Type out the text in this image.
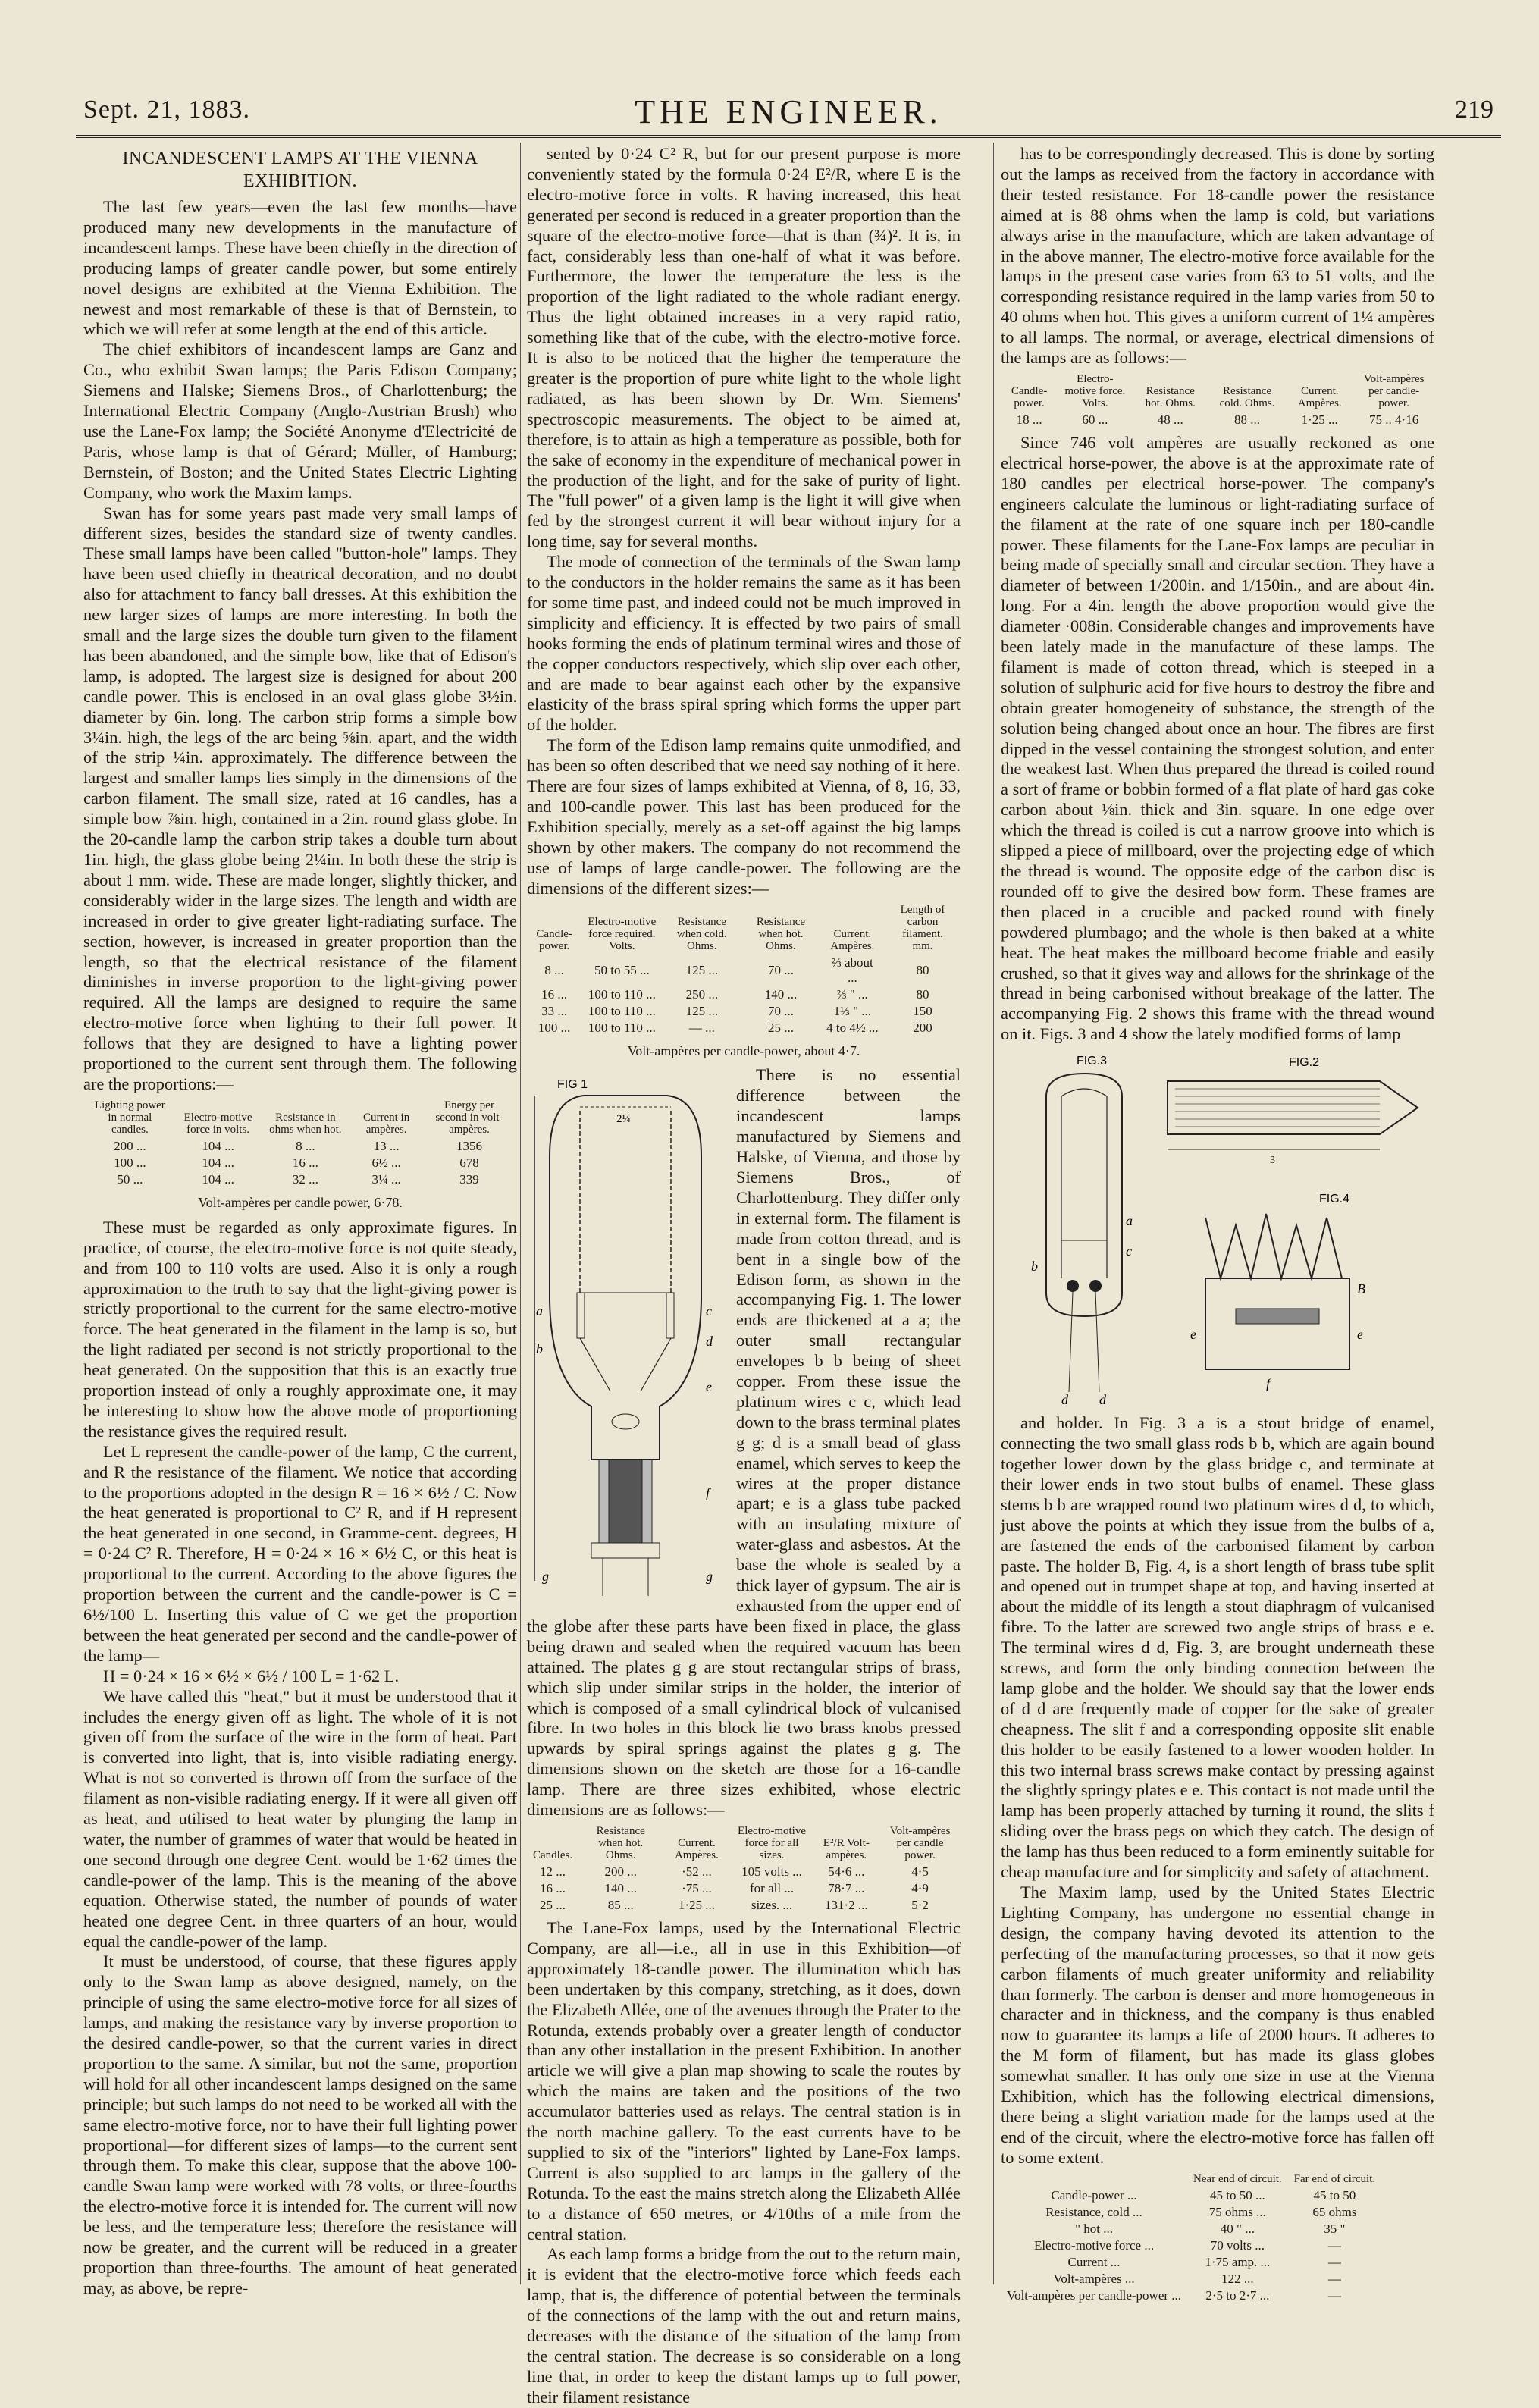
Sept. 21, 1883.	THE ENGINEER.	219
INCANDESCENT LAMPS AT THE VIENNA EXHIBITION.

The last few years—even the last few months—have produced many new developments in the manufacture of incandescent lamps. These have been chiefly in the direction of producing lamps of greater candle power, but some entirely novel designs are exhibited at the Vienna Exhibition. The newest and most remarkable of these is that of Bernstein, to which we will refer at some length at the end of this article.

The chief exhibitors of incandescent lamps are Ganz and Co., who exhibit Swan lamps; the Paris Edison Company; Siemens and Halske; Siemens Bros., of Charlottenburg; the International Electric Company (Anglo-Austrian Brush) who use the Lane-Fox lamp; the Société Anonyme d'Electricité de Paris, whose lamp is that of Gérard; Müller, of Hamburg; Bernstein, of Boston; and the United States Electric Lighting Company, who work the Maxim lamps.

Swan has for some years past made very small lamps of different sizes, besides the standard size of twenty candles. These small lamps have been called "button-hole" lamps. They have been used chiefly in theatrical decoration, and no doubt also for attachment to fancy ball dresses. At this exhibition the new larger sizes of lamps are more interesting. In both the small and the large sizes the double turn given to the filament has been abandoned, and the simple bow, like that of Edison's lamp, is adopted. The largest size is designed for about 200 candle power. This is enclosed in an oval glass globe 3½in. diameter by 6in. long. The carbon strip forms a simple bow 3¼in. high, the legs of the arc being ⅝in. apart, and the width of the strip ¼in. approximately. The difference between the largest and smaller lamps lies simply in the dimensions of the carbon filament. The small size, rated at 16 candles, has a simple bow ⅞in. high, contained in a 2in. round glass globe. In the 20-candle lamp the carbon strip takes a double turn about 1in. high, the glass globe being 2¼in. In both these the strip is about 1 mm. wide. These are made longer, slightly thicker, and considerably wider in the large sizes. The length and width are increased in order to give greater light-radiating surface. The section, however, is increased in greater proportion than the length, so that the electrical resistance of the filament diminishes in inverse proportion to the light-giving power required. All the lamps are designed to require the same electro-motive force when lighting to their full power. It follows that they are designed to have a lighting power proportioned to the current sent through them. The following are the proportions:—

Lighting power in normal candles.	Electro-motive force in volts.	Resistance in ohms when hot.	Current in ampères.	Energy per second in volt-ampères.
200 ...	104 ...	8 ...	13 ...	1356
100 ...	104 ...	16 ...	6½ ...	678
50 ...	104 ...	32 ...	3¼ ...	339
Volt-ampères per candle power, 6·78.

These must be regarded as only approximate figures. In practice, of course, the electro-motive force is not quite steady, and from 100 to 110 volts are used. Also it is only a rough approximation to the truth to say that the light-giving power is strictly proportional to the current for the same electro-motive force. The heat generated in the filament in the lamp is so, but the light radiated per second is not strictly proportional to the heat generated. On the supposition that this is an exactly true proportion instead of only a roughly approximate one, it may be interesting to show how the above mode of proportioning the resistance gives the required result.

Let L represent the candle-power of the lamp, C the current, and R the resistance of the filament. We notice that according to the proportions adopted in the design R = 16 × 6½ / C. Now the heat generated is proportional to C² R, and if H represent the heat generated in one second, in Gramme-cent. degrees, H = 0·24 C² R. Therefore, H = 0·24 × 16 × 6½ C, or this heat is proportional to the current. According to the above figures the proportion between the current and the candle-power is C = 6½/100 L. Inserting this value of C we get the proportion between the heat generated per second and the candle-power of the lamp—

H = 0·24 × 16 × 6½ × 6½ / 100 L = 1·62 L.

We have called this "heat," but it must be understood that it includes the energy given off as light. The whole of it is not given off from the surface of the wire in the form of heat. Part is converted into light, that is, into visible radiating energy. What is not so converted is thrown off from the surface of the filament as non-visible radiating energy. If it were all given off as heat, and utilised to heat water by plunging the lamp in water, the number of grammes of water that would be heated in one second through one degree Cent. would be 1·62 times the candle-power of the lamp. This is the meaning of the above equation. Otherwise stated, the number of pounds of water heated one degree Cent. in three quarters of an hour, would equal the candle-power of the lamp.

It must be understood, of course, that these figures apply only to the Swan lamp as above designed, namely, on the principle of using the same electro-motive force for all sizes of lamps, and making the resistance vary by inverse proportion to the desired candle-power, so that the current varies in direct proportion to the same. A similar, but not the same, proportion will hold for all other incandescent lamps designed on the same principle; but such lamps do not need to be worked all with the same electro-motive force, nor to have their full lighting power proportional—for different sizes of lamps—to the current sent through them. To make this clear, suppose that the above 100-candle Swan lamp were worked with 78 volts, or three-fourths the electro-motive force it is intended for. The current will now be less, and the temperature less; therefore the resistance will now be greater, and the current will be reduced in a greater proportion than three-fourths. The amount of heat generated may, as above, be repre-

sented by 0·24 C² R, but for our present purpose is more conveniently stated by the formula 0·24 E²/R, where E is the electro-motive force in volts. R having increased, this heat generated per second is reduced in a greater proportion than the square of the electro-motive force—that is than (¾)². It is, in fact, considerably less than one-half of what it was before. Furthermore, the lower the temperature the less is the proportion of the light radiated to the whole radiant energy. Thus the light obtained increases in a very rapid ratio, something like that of the cube, with the electro-motive force. It is also to be noticed that the higher the temperature the greater is the proportion of pure white light to the whole light radiated, as has been shown by Dr. Wm. Siemens' spectroscopic measurements. The object to be aimed at, therefore, is to attain as high a temperature as possible, both for the sake of economy in the expenditure of mechanical power in the production of the light, and for the sake of purity of light. The "full power" of a given lamp is the light it will give when fed by the strongest current it will bear without injury for a long time, say for several months.

The mode of connection of the terminals of the Swan lamp to the conductors in the holder remains the same as it has been for some time past, and indeed could not be much improved in simplicity and efficiency. It is effected by two pairs of small hooks forming the ends of platinum terminal wires and those of the copper conductors respectively, which slip over each other, and are made to bear against each other by the expansive elasticity of the brass spiral spring which forms the upper part of the holder.

The form of the Edison lamp remains quite unmodified, and has been so often described that we need say nothing of it here. There are four sizes of lamps exhibited at Vienna, of 8, 16, 33, and 100-candle power. This last has been produced for the Exhibition specially, merely as a set-off against the big lamps shown by other makers. The company do not recommend the use of lamps of large candle-power. The following are the dimensions of the different sizes:—

Candle-power.	Electro-motive force required. Volts.	Resistance when cold. Ohms.	Resistance when hot. Ohms.	Current. Ampères.	Length of carbon filament. mm.
8 ...	50 to 55 ...	125 ...	70 ...	⅔ about ...	80
16 ...	100 to 110 ...	250 ...	140 ...	⅔ " ...	80
33 ...	100 to 110 ...	125 ...	70 ...	1⅓ " ...	150
100 ...	100 to 110 ...	— ...	25 ...	4 to 4½ ...	200
Volt-ampères per candle-power, about 4·7.
FIG 1
2¼
a
b
c
d
e
f
g	g

There is no essential difference between the incandescent lamps manufactured by Siemens and Halske, of Vienna, and those by Siemens Bros., of Charlottenburg. They differ only in external form. The filament is made from cotton thread, and is bent in a single bow of the Edison form, as shown in the accompanying Fig. 1. The lower ends are thickened at a a; the outer small rectangular envelopes b b being of sheet copper. From these issue the platinum wires c c, which lead down to the brass terminal plates g g; d is a small bead of glass enamel, which serves to keep the wires at the proper distance apart; e is a glass tube packed with an insulating mixture of water-glass and asbestos. At the base the whole is sealed by a thick layer of gypsum. The air is exhausted from the upper end of the globe after these parts have been fixed in place, the glass being drawn and sealed when the required vacuum has been attained. The plates g g are stout rectangular strips of brass, which slip under similar strips in the holder, the interior of which is composed of a small cylindrical block of vulcanised fibre. In two holes in this block lie two brass knobs pressed upwards by spiral springs against the plates g g. The dimensions shown on the sketch are those for a 16-candle lamp. There are three sizes exhibited, whose electric dimensions are as follows:—

Candles.	Resistance when hot. Ohms.	Current. Ampères.	Electro-motive force for all sizes.	E²/R Volt-ampères.	Volt-ampères per candle power.
12 ...	200 ...	·52 ...	105 volts ...	54·6 ...	4·5
16 ...	140 ...	·75 ...	for all ...	78·7 ...	4·9
25 ...	85 ...	1·25 ...	sizes. ...	131·2 ...	5·2

The Lane-Fox lamps, used by the International Electric Company, are all—i.e., all in use in this Exhibition—of approximately 18-candle power. The illumination which has been undertaken by this company, stretching, as it does, down the Elizabeth Allée, one of the avenues through the Prater to the Rotunda, extends probably over a greater length of conductor than any other installation in the present Exhibition. In another article we will give a plan map showing to scale the routes by which the mains are taken and the positions of the two accumulator batteries used as relays. The central station is in the north machine gallery. To the east currents have to be supplied to six of the "interiors" lighted by Lane-Fox lamps. Current is also supplied to arc lamps in the gallery of the Rotunda. To the east the mains stretch along the Elizabeth Allée to a distance of 650 metres, or 4/10ths of a mile from the central station.

As each lamp forms a bridge from the out to the return main, it is evident that the electro-motive force which feeds each lamp, that is, the difference of potential between the terminals of the connections of the lamp with the out and return mains, decreases with the distance of the situation of the lamp from the central station. The decrease is so considerable on a long line that, in order to keep the distant lamps up to full power, their filament resistance

has to be correspondingly decreased. This is done by sorting out the lamps as received from the factory in accordance with their tested resistance. For 18-candle power the resistance aimed at is 88 ohms when the lamp is cold, but variations always arise in the manufacture, which are taken advantage of in the above manner, The electro-motive force available for the lamps in the present case varies from 63 to 51 volts, and the corresponding resistance required in the lamp varies from 50 to 40 ohms when hot. This gives a uniform current of 1¼ ampères to all lamps. The normal, or average, electrical dimensions of the lamps are as follows:—

Candle-power.	Electro-motive force. Volts.	Resistance hot. Ohms.	Resistance cold. Ohms.	Current. Ampères.	Volt-ampères per candle-power.
18 ...	60 ...	48 ...	88 ...	1·25 ...	75 .. 4·16

Since 746 volt ampères are usually reckoned as one electrical horse-power, the above is at the approximate rate of 180 candles per electrical horse-power. The company's engineers calculate the luminous or light-radiating surface of the filament at the rate of one square inch per 180-candle power. These filaments for the Lane-Fox lamps are peculiar in being made of specially small and circular section. They have a diameter of between 1/200in. and 1/150in., and are about 4in. long. For a 4in. length the above proportion would give the diameter ·008in. Considerable changes and improvements have been lately made in the manufacture of these lamps. The filament is made of cotton thread, which is steeped in a solution of sulphuric acid for five hours to destroy the fibre and obtain greater homogeneity of substance, the strength of the solution being changed about once an hour. The fibres are first dipped in the vessel containing the strongest solution, and enter the weakest last. When thus prepared the thread is coiled round a sort of frame or bobbin formed of a flat plate of hard gas coke carbon about ⅛in. thick and 3in. square. In one edge over which the thread is coiled is cut a narrow groove into which is slipped a piece of millboard, over the projecting edge of which the thread is wound. The opposite edge of the carbon disc is rounded off to give the desired bow form. These frames are then placed in a crucible and packed round with finely powdered plumbago; and the whole is then baked at a white heat. The heat makes the millboard become friable and easily crushed, so that it gives way and allows for the shrinkage of the thread in being carbonised without breakage of the latter. The accompanying Fig. 2 shows this frame with the thread wound on it. Figs. 3 and 4 show the lately modified forms of lamp

FIG.3
a
b
c
d d
FIG.2
3
FIG.4
e	e
f
B

and holder. In Fig. 3 a is a stout bridge of enamel, connecting the two small glass rods b b, which are again bound together lower down by the glass bridge c, and terminate at their lower ends in two stout bulbs of enamel. These glass stems b b are wrapped round two platinum wires d d, to which, just above the points at which they issue from the bulbs of a, are fastened the ends of the carbonised filament by carbon paste. The holder B, Fig. 4, is a short length of brass tube split and opened out in trumpet shape at top, and having inserted at about the middle of its length a stout diaphragm of vulcanised fibre. To the latter are screwed two angle strips of brass e e. The terminal wires d d, Fig. 3, are brought underneath these screws, and form the only binding connection between the lamp globe and the holder. We should say that the lower ends of d d are frequently made of copper for the sake of greater cheapness. The slit f and a corresponding opposite slit enable this holder to be easily fastened to a lower wooden holder. In this two internal brass screws make contact by pressing against the slightly springy plates e e. This contact is not made until the lamp has been properly attached by turning it round, the slits f sliding over the brass pegs on which they catch. The design of the lamp has thus been reduced to a form eminently suitable for cheap manufacture and for simplicity and safety of attachment.

The Maxim lamp, used by the United States Electric Lighting Company, has undergone no essential change in design, the company having devoted its attention to the perfecting of the manufacturing processes, so that it now gets carbon filaments of much greater uniformity and reliability than formerly. The carbon is denser and more homogeneous in character and in thickness, and the company is thus enabled now to guarantee its lamps a life of 2000 hours. It adheres to the M form of filament, but has made its glass globes somewhat smaller. It has only one size in use at the Vienna Exhibition, which has the following electrical dimensions, there being a slight variation made for the lamps used at the end of the circuit, where the electro-motive force has fallen off to some extent.

	Near end of circuit.	Far end of circuit.
Candle-power ...	45 to 50 ...	45 to 50
Resistance, cold ...	75 ohms ...	65 ohms
" hot ...	40 " ...	35 "
Electro-motive force ...	70 volts ...	—
Current ...	1·75 amp. ...	—
Volt-ampères ...	122 ...	—
Volt-ampères per candle-power ...	2·5 to 2·7 ...	—
